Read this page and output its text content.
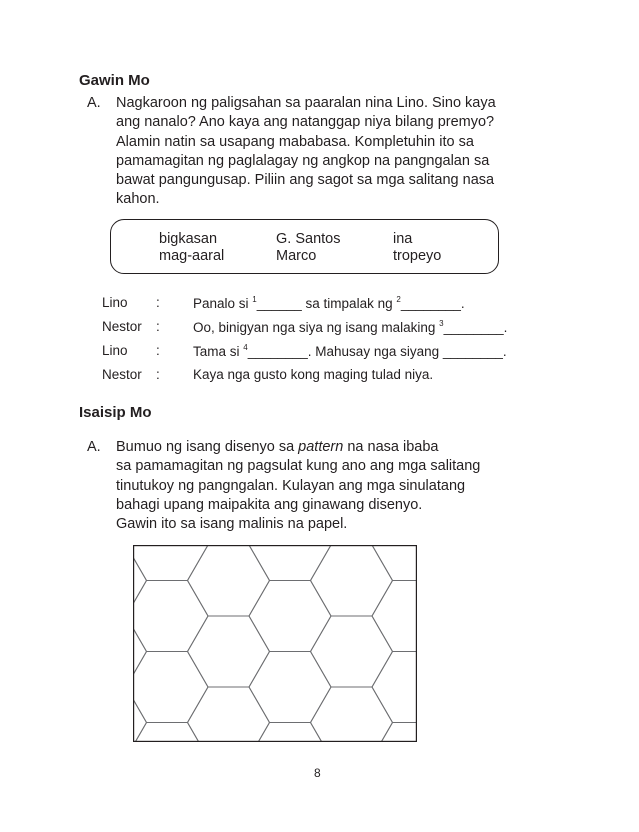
Gawin Mo
A. Nagkaroon ng paligsahan sa paaralan nina Lino. Sino kaya
ang nanalo? Ano kaya ang natanggap niya bilang premyo?
Alamin natin sa usapang mababasa. Kompletuhin ito sa
pamamagitan ng paglalagay ng angkop na pangngalan sa
bawat pangungusap. Piliin ang sagot sa mga salitang nasa
kahon.
bigkasan	G. Santos	ina
mag-aaral	Marco	tropeyo
Lino : Panalo si $^1$______ sa timpalak ng $^2$________.
Nestor : Oo, binigyan nga siya ng isang malaking $^3$________.
Lino : Tama si $^4$________. Mahusay nga siyang ________.
Nestor : Kaya nga gusto kong maging tulad niya.
Isaisip Mo
A. Bumuo ng isang disenyo sa pattern na nasa ibaba
sa pamamagitan ng pagsulat kung ano ang mga salitang
tinutukoy ng pangngalan. Kulayan ang mga sinulatang
bahagi upang maipakita ang ginawang disenyo.
Gawin ito sa isang malinis na papel.
8
